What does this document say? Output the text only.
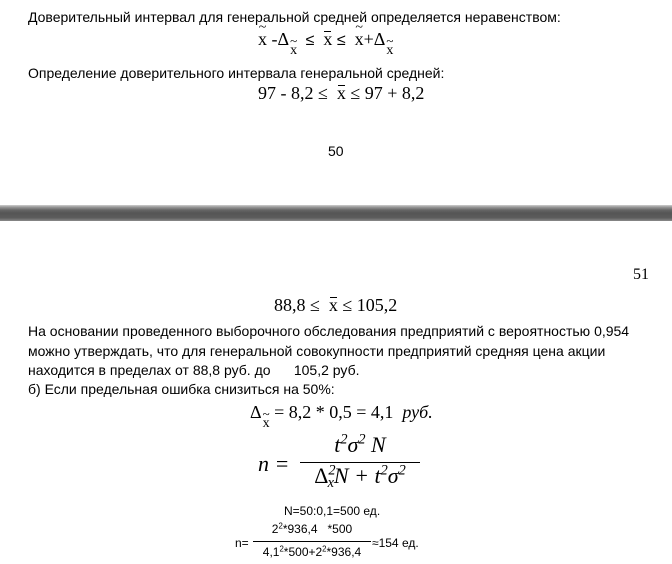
Доверительный интервал для генеральной средней определяется неравенством:
~ x -Δ~ x ≤ x ≤  ~ x+Δ~ x
Определение доверительного интервала генеральной средней:
97 - 8,2 ≤ x ≤ 97 + 8,2
50
51
88,8 ≤ x ≤ 105,2
На основании проведенного выборочного обследования предприятий с вероятностью 0,954
можно утверждать, что для генеральной совокупности предприятий средняя цена акции
находится в пределах от 88,8 руб. до      105,2 руб.
б) Если предельная ошибка снизиться на 50%:
Δ~ x = 8,2 * 0,5 = 4,1 руб.
n =
$t^2\sigma^2$ N
$\Delta^2_xN + t^2\sigma^2$
N=50:0,1=500 ед.
n=
$2^2*936,4$   *500
$4,1^2*500+2^2*936,4$
≈154 ед.
